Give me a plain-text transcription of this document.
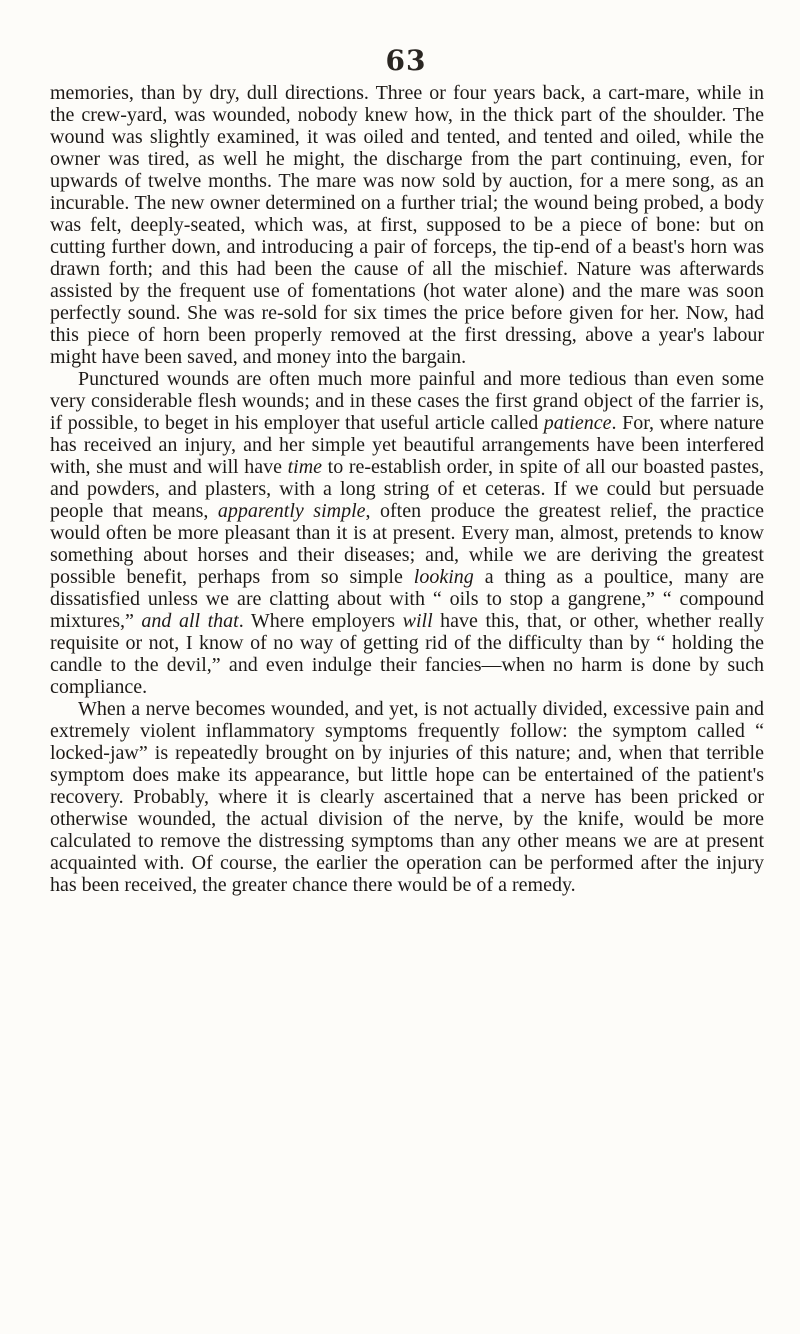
63

memories, than by dry, dull directions. Three or four years back, a cart-mare, while in the crew-yard, was wounded, nobody knew how, in the thick part of the shoulder. The wound was slightly examined, it was oiled and tented, and tented and oiled, while the owner was tired, as well he might, the discharge from the part continuing, even, for upwards of twelve months. The mare was now sold by auction, for a mere song, as an incurable. The new owner determined on a further trial; the wound being probed, a body was felt, deeply-seated, which was, at first, supposed to be a piece of bone: but on cutting further down, and introducing a pair of forceps, the tip-end of a beast's horn was drawn forth; and this had been the cause of all the mischief. Nature was afterwards assisted by the frequent use of fomentations (hot water alone) and the mare was soon perfectly sound. She was re-sold for six times the price before given for her. Now, had this piece of horn been properly removed at the first dressing, above a year's labour might have been saved, and money into the bargain.

Punctured wounds are often much more painful and more tedious than even some very considerable flesh wounds; and in these cases the first grand object of the farrier is, if possible, to beget in his employer that useful article called patience. For, where nature has received an injury, and her simple yet beautiful arrangements have been interfered with, she must and will have time to re-establish order, in spite of all our boasted pastes, and powders, and plasters, with a long string of et ceteras. If we could but persuade people that means, apparently simple, often produce the greatest relief, the practice would often be more pleasant than it is at present. Every man, almost, pretends to know something about horses and their diseases; and, while we are deriving the greatest possible benefit, perhaps from so simple looking a thing as a poultice, many are dissatisfied unless we are clatting about with “ oils to stop a gangrene,” “ compound mixtures,” and all that. Where employers will have this, that, or other, whether really requisite or not, I know of no way of getting rid of the difficulty than by “ holding the candle to the devil,” and even indulge their fancies—when no harm is done by such compliance.

When a nerve becomes wounded, and yet, is not actually divided, excessive pain and extremely violent inflammatory symptoms frequently follow: the symptom called “ locked-jaw” is repeatedly brought on by injuries of this nature; and, when that terrible symptom does make its appearance, but little hope can be entertained of the patient's recovery. Probably, where it is clearly ascertained that a nerve has been pricked or otherwise wounded, the actual division of the nerve, by the knife, would be more calculated to remove the distressing symptoms than any other means we are at present acquainted with. Of course, the earlier the operation can be performed after the injury has been received, the greater chance there would be of a remedy.
